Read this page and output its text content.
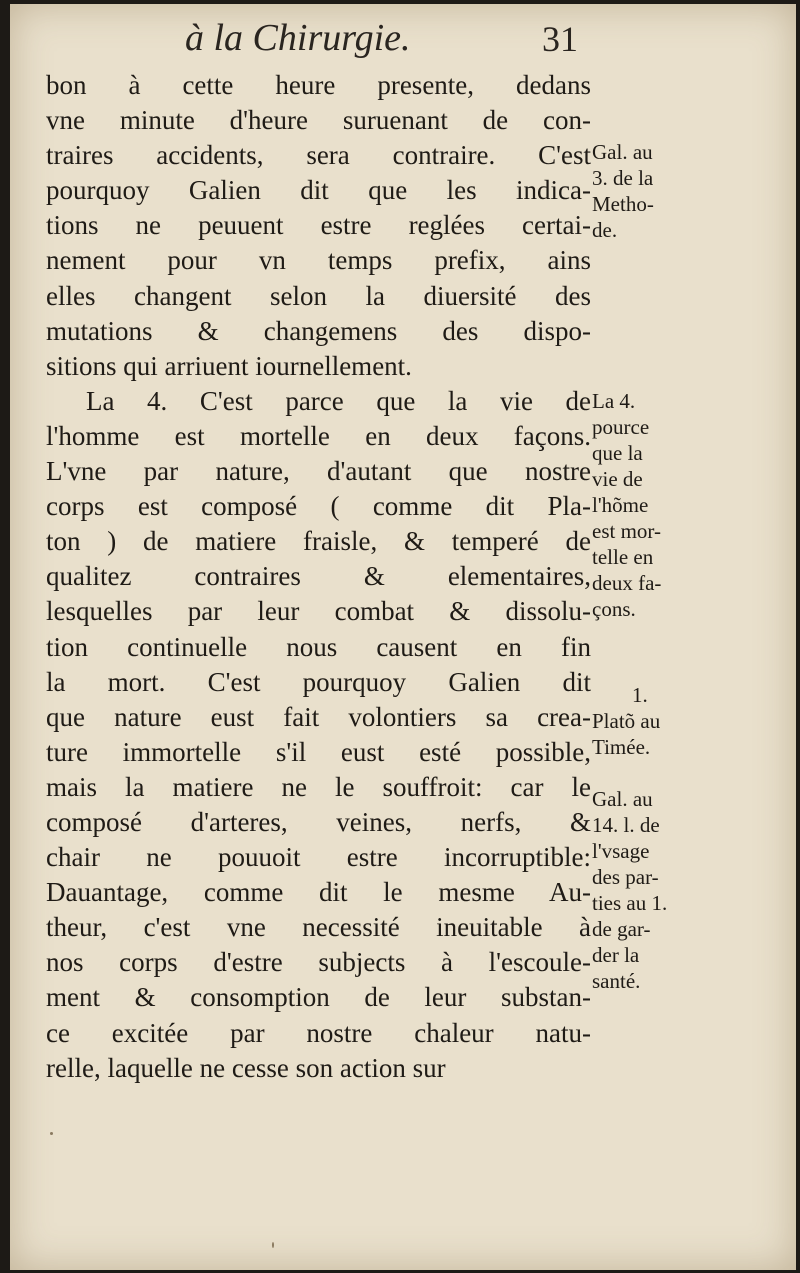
à la Chirurgie.	31
bon à cette heure presente, dedans
vne minute d'heure suruenant de con-
traires accidents, sera contraire. C'est
pourquoy Galien dit que les indica-
tions ne peuuent estre reglées certai-
nement pour vn temps prefix, ains
elles changent selon la diuersité des
mutations & changemens des dispo-
sitions qui arriuent iournellement.
La 4. C'est parce que la vie de
l'homme est mortelle en deux façons.
L'vne par nature, d'autant que nostre
corps est composé ( comme dit Pla-
ton ) de matiere fraisle, & temperé de
qualitez contraires & elementaires,
lesquelles par leur combat & dissolu-
tion continuelle nous causent en fin
la mort. C'est pourquoy Galien dit
que nature eust fait volontiers sa crea-
ture immortelle s'il eust esté possible,
mais la matiere ne le souffroit: car le
composé d'arteres, veines, nerfs, &
chair ne pouuoit estre incorruptible:
Dauantage, comme dit le mesme Au-
theur, c'est vne necessité ineuitable à
nos corps d'estre subjects à l'escoule-
ment & consomption de leur substan-
ce excitée par nostre chaleur natu-
relle, laquelle ne cesse son action sur
Gal. au
3. de la
Metho-
de.
La 4.
pource
que la
vie de
l'hõme
est mor-
telle en
deux fa-
çons.
1.
Platõ au
Timée.
Gal. au
14. l. de
l'vsage
des par-
ties au 1.
de gar-
der la
santé.
